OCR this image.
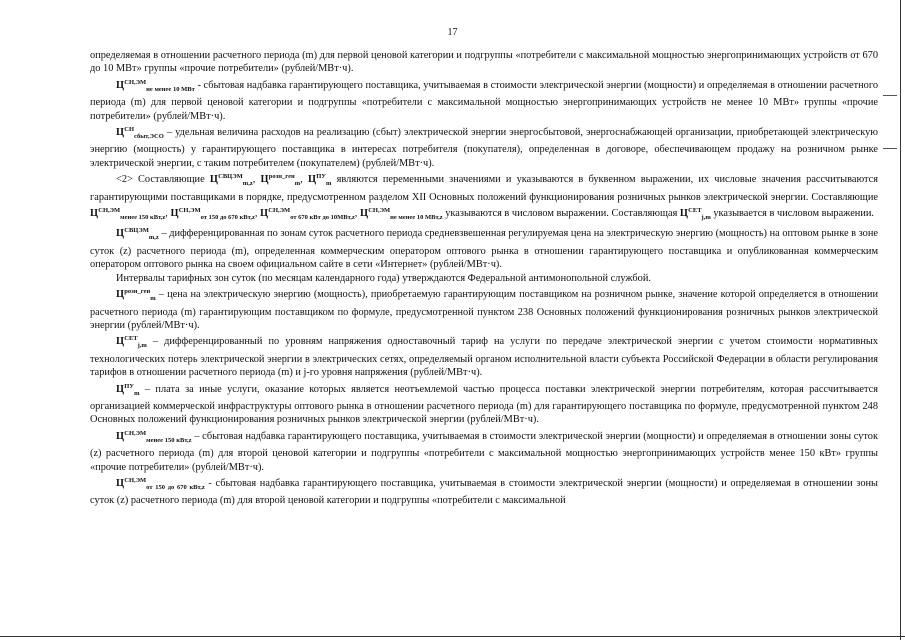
17

определяемая в отношении расчетного периода (m) для первой ценовой категории и подгруппы «потребители с максимальной мощностью энергопринимающих устройств от 670 до 10 МВт» группы «прочие потребители» (рублей/МВт·ч).

$Ц^{СН,ЭМ}_{не менее 10 МВт}$ - сбытовая надбавка гарантирующего поставщика, учитываемая в стоимости электрической энергии (мощности) и определяемая в отношении расчетного периода (m) для первой ценовой категории и подгруппы «потребители с максимальной мощностью энергопринимающих устройств не менее 10 МВт» группы «прочие потребители» (рублей/МВт·ч).

$Ц^{СН}_{сбыт,ЭСО}$ – удельная величина расходов на реализацию (сбыт) электрической энергии энергосбытовой, энергоснабжающей организации, приобретающей электрическую энергию (мощность) у гарантирующего поставщика в интересах потребителя (покупателя), определенная в договоре, обеспечивающем продажу на розничном рынке электрической энергии, с таким потребителем (покупателем) (рублей/МВт·ч).

<2> Составляющие $Ц^{СВЦЭМ}_{m,z}$, $Ц^{розн\_ген}_m$, $Ц^{ПУ}_m$ являются переменными значениями и указываются в буквенном выражении, их числовые значения рассчитываются гарантирующими поставщиками в порядке, предусмотренном разделом XII Основных положений функционирования розничных рынков электрической энергии. Составляющие $Ц^{СН,ЭМ}_{менее 150 кВт,z}$, $Ц^{СН,ЭМ}_{от 150 до 670 кВт,z}$, $Ц^{СН,ЭМ}_{от 670 кВт до 10МВт,z}$, $Ц^{СН,ЭМ}_{не менее 10 МВт,z}$ указываются в числовом выражении. Составляющая $Ц^{СЕТ}_{j,m}$ указывается в числовом выражении.

$Ц^{СВЦЭМ}_{m,z}$ – дифференцированная по зонам суток расчетного периода средневзвешенная регулируемая цена на электрическую энергию (мощность) на оптовом рынке в зоне суток (z) расчетного периода (m), определенная коммерческим оператором оптового рынка в отношении гарантирующего поставщика и опубликованная коммерческим оператором оптового рынка на своем официальном сайте в сети «Интернет» (рублей/МВт·ч).

Интервалы тарифных зон суток (по месяцам календарного года) утверждаются Федеральной антимонопольной службой.

$Ц^{розн\_ген}_m$ – цена на электрическую энергию (мощность), приобретаемую гарантирующим поставщиком на розничном рынке, значение которой определяется в отношении расчетного периода (m) гарантирующим поставщиком по формуле, предусмотренной пунктом 238 Основных положений функционирования розничных рынков электрической энергии (рублей/МВт·ч).

$Ц^{СЕТ}_{j,m}$ – дифференцированный по уровням напряжения одноставочный тариф на услуги по передаче электрической энергии с учетом стоимости нормативных технологических потерь электрической энергии в электрических сетях, определяемый органом исполнительной власти субъекта Российской Федерации в области регулирования тарифов в отношении расчетного периода (m) и j-го уровня напряжения (рублей/МВт·ч).

$Ц^{ПУ}_m$ – плата за иные услуги, оказание которых является неотъемлемой частью процесса поставки электрической энергии потребителям, которая рассчитывается организацией коммерческой инфраструктуры оптового рынка в отношении расчетного периода (m) для гарантирующего поставщика по формуле, предусмотренной пунктом 248 Основных положений функционирования розничных рынков электрической энергии (рублей/МВт·ч).

$Ц^{СН,ЭМ}_{менее 150 кВт,z}$ – сбытовая надбавка гарантирующего поставщика, учитываемая в стоимости электрической энергии (мощности) и определяемая в отношении зоны суток (z) расчетного периода (m) для второй ценовой категории и подгруппы «потребители с максимальной мощностью энергопринимающих устройств менее 150 кВт» группы «прочие потребители» (рублей/МВт·ч).

$Ц^{СН,ЭМ}_{от 150 до 670 кВт,z}$ - сбытовая надбавка гарантирующего поставщика, учитываемая в стоимости электрической энергии (мощности) и определяемая в отношении зоны суток (z) расчетного периода (m) для второй ценовой категории и подгруппы «потребители с максимальной
